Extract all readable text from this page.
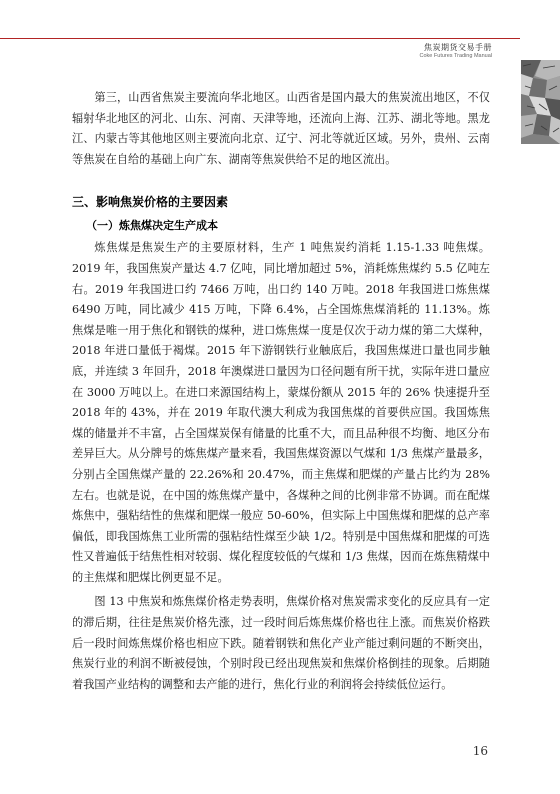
焦炭期货交易手册
Coke Futures Trading Manual

第三，山西省焦炭主要流向华北地区。山西省是国内最大的焦炭流出地区，不仅辐射华北地区的河北、山东、河南、天津等地，还流向上海、江苏、湖北等地。黑龙江、内蒙古等其他地区则主要流向北京、辽宁、河北等就近区域。另外，贵州、云南等焦炭在自给的基础上向广东、湖南等焦炭供给不足的地区流出。

三、影响焦炭价格的主要因素
（一）炼焦煤决定生产成本

炼焦煤是焦炭生产的主要原材料，生产 1 吨焦炭约消耗 1.15-1.33 吨焦煤。2019 年，我国焦炭产量达 4.7 亿吨，同比增加超过 5%，消耗炼焦煤约 5.5 亿吨左右。2019 年我国进口约 7466 万吨，出口约 140 万吨。2018 年我国进口炼焦煤 6490 万吨，同比减少 415 万吨，下降 6.4%，占全国炼焦煤消耗的 11.13%。炼焦煤是唯一用于焦化和钢铁的煤种，进口炼焦煤一度是仅次于动力煤的第二大煤种，2018 年进口量低于褐煤。2015 年下游钢铁行业触底后，我国焦煤进口量也同步触底，并连续 3 年回升，2018 年澳煤进口量因为口径问题有所干扰，实际年进口量应在 3000 万吨以上。在进口来源国结构上，蒙煤份额从 2015 年的 26% 快速提升至 2018 年的 43%，并在 2019 年取代澳大利成为我国焦煤的首要供应国。我国炼焦煤的储量并不丰富，占全国煤炭保有储量的比重不大，而且品种很不均衡、地区分布差异巨大。从分牌号的炼焦煤产量来看，我国焦煤资源以气煤和 1/3 焦煤产量最多，分别占全国焦煤产量的 22.26%和 20.47%，而主焦煤和肥煤的产量占比约为 28%左右。也就是说，在中国的炼焦煤产量中，各煤种之间的比例非常不协调。而在配煤炼焦中，强粘结性的焦煤和肥煤一般应 50-60%，但实际上中国焦煤和肥煤的总产率偏低，即我国炼焦工业所需的强粘结性煤至少缺 1/2。特别是中国焦煤和肥煤的可选性又普遍低于结焦性相对较弱、煤化程度较低的气煤和 1/3 焦煤，因而在炼焦精煤中的主焦煤和肥煤比例更显不足。

图 13 中焦炭和炼焦煤价格走势表明，焦煤价格对焦炭需求变化的反应具有一定的滞后期，往往是焦炭价格先涨，过一段时间后炼焦煤价格也往上涨。而焦炭价格跌后一段时间炼焦煤价格也相应下跌。随着钢铁和焦化产业产能过剩问题的不断突出，焦炭行业的利润不断被侵蚀，个别时段已经出现焦炭和焦煤价格倒挂的现象。后期随着我国产业结构的调整和去产能的进行，焦化行业的利润将会持续低位运行。

16
